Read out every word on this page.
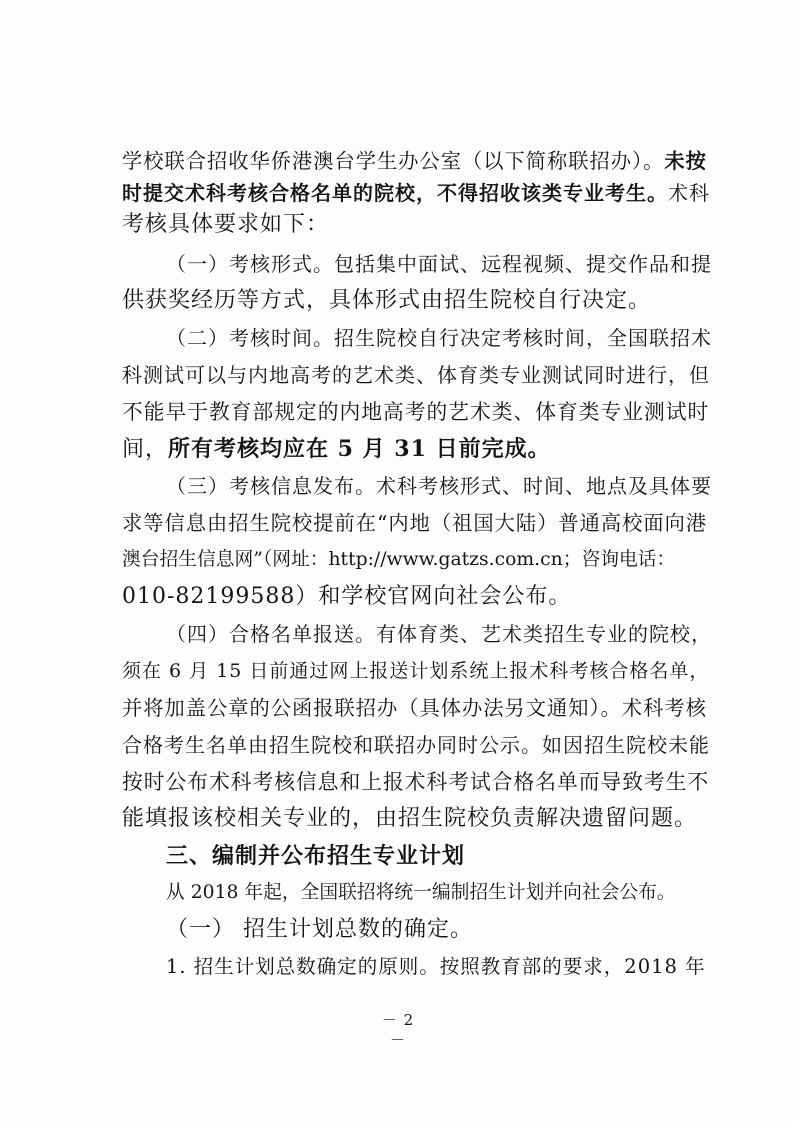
学校联合招收华侨港澳台学生办公室（以下简称联招办）。未按
时提交术科考核合格名单的院校，不得招收该类专业考生。术科
考核具体要求如下：
（一）考核形式。包括集中面试、远程视频、提交作品和提
供获奖经历等方式，具体形式由招生院校自行决定。
（二）考核时间。招生院校自行决定考核时间，全国联招术
科测试可以与内地高考的艺术类、体育类专业测试同时进行，但
不能早于教育部规定的内地高考的艺术类、体育类专业测试时
间，所有考核均应在 5 月 31 日前完成。
（三）考核信息发布。术科考核形式、时间、地点及具体要
求等信息由招生院校提前在“内地（祖国大陆）普通高校面向港
澳台招生信息网”（网址：http://www.gatzs.com.cn；咨询电话：
010-82199588）和学校官网向社会公布。
（四）合格名单报送。有体育类、艺术类招生专业的院校，
须在 6 月 15 日前通过网上报送计划系统上报术科考核合格名单，
并将加盖公章的公函报联招办（具体办法另文通知）。术科考核
合格考生名单由招生院校和联招办同时公示。如因招生院校未能
按时公布术科考核信息和上报术科考试合格名单而导致考生不
能填报该校相关专业的，由招生院校负责解决遗留问题。
三、编制并公布招生专业计划
从 2018 年起，全国联招将统一编制招生计划并向社会公布。
（一） 招生计划总数的确定。
1. 招生计划总数确定的原则。按照教育部的要求，2018 年
－ 2 －
